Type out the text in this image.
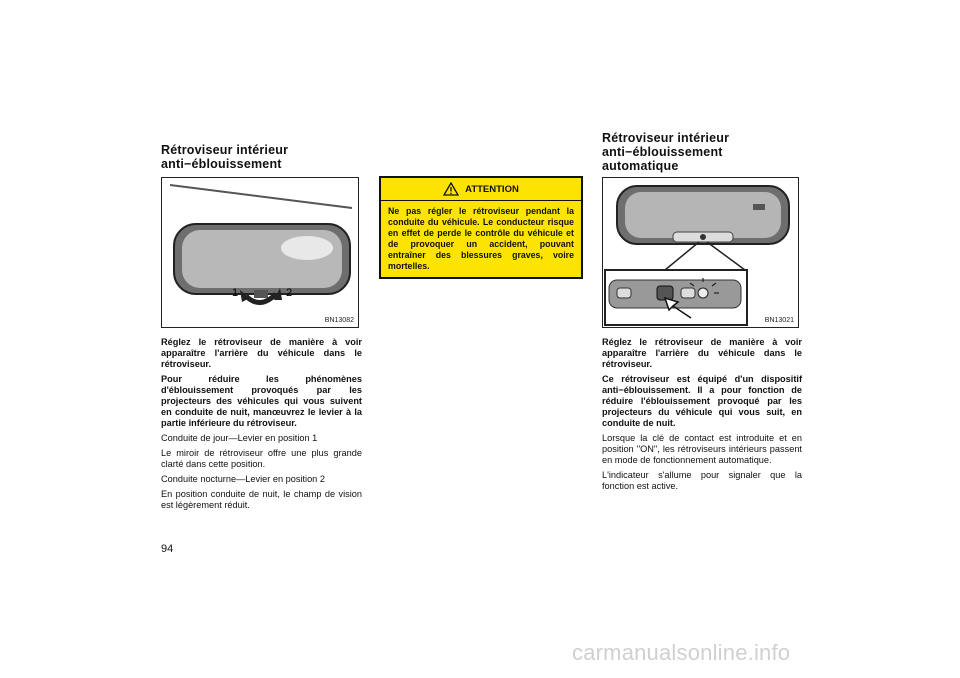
Rétroviseur intérieur
anti−éblouissement
1	2
BN13082

Réglez le rétroviseur de manière à voir apparaître l'arrière du véhicule dans le rétroviseur.

Pour réduire les phénomènes d'éblouissement provoqués par les projecteurs des véhicules qui vous suivent en conduite de nuit, manœuvrez le levier à la partie inférieure du rétroviseur.

Conduite de jour—Levier en position 1

Le miroir de rétroviseur offre une plus grande clarté dans cette position.

Conduite nocturne—Levier en position 2

En position conduite de nuit, le champ de vision est légèrement réduit.

ATTENTION
Ne pas régler le rétroviseur pendant la conduite du véhicule. Le conducteur risque en effet de perde le contrôle du véhicule et de provoquer un accident, pouvant entraîner des blessures graves, voire mortelles.
Rétroviseur intérieur
anti−éblouissement
automatique
BN13021

Réglez le rétroviseur de manière à voir apparaître l'arrière du véhicule dans le rétroviseur.

Ce rétroviseur est équipé d'un dispositif anti−éblouissement. Il a pour fonction de réduire l'éblouissement provoqué par les projecteurs du véhicule qui vous suit, en conduite de nuit.

Lorsque la clé de contact est introduite et en position "ON", les rétroviseurs intérieurs passent en mode de fonctionnement automatique.

L'indicateur s'allume pour signaler que la fonction est active.

94
carmanualsonline.info
